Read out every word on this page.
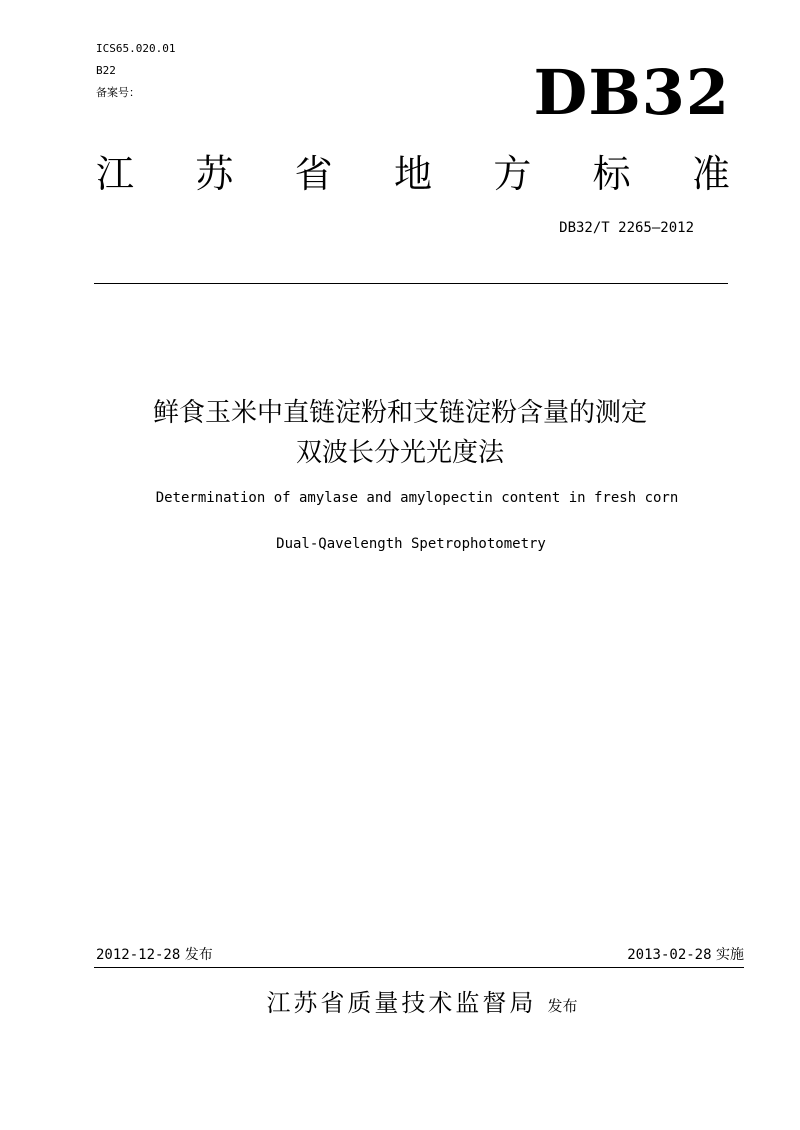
ICS65.020.01
B22
备案号：	DB32
江 苏 省 地 方 标 准
DB32/T 2265—2012
鲜食玉米中直链淀粉和支链淀粉含量的测定
双波长分光光度法
Determination of amylase and amylopectin content in fresh corn
Dual-Qavelength Spetrophotometry
2012-12-28 发布	2013-02-28 实施
江苏省质量技术监督局 发布
